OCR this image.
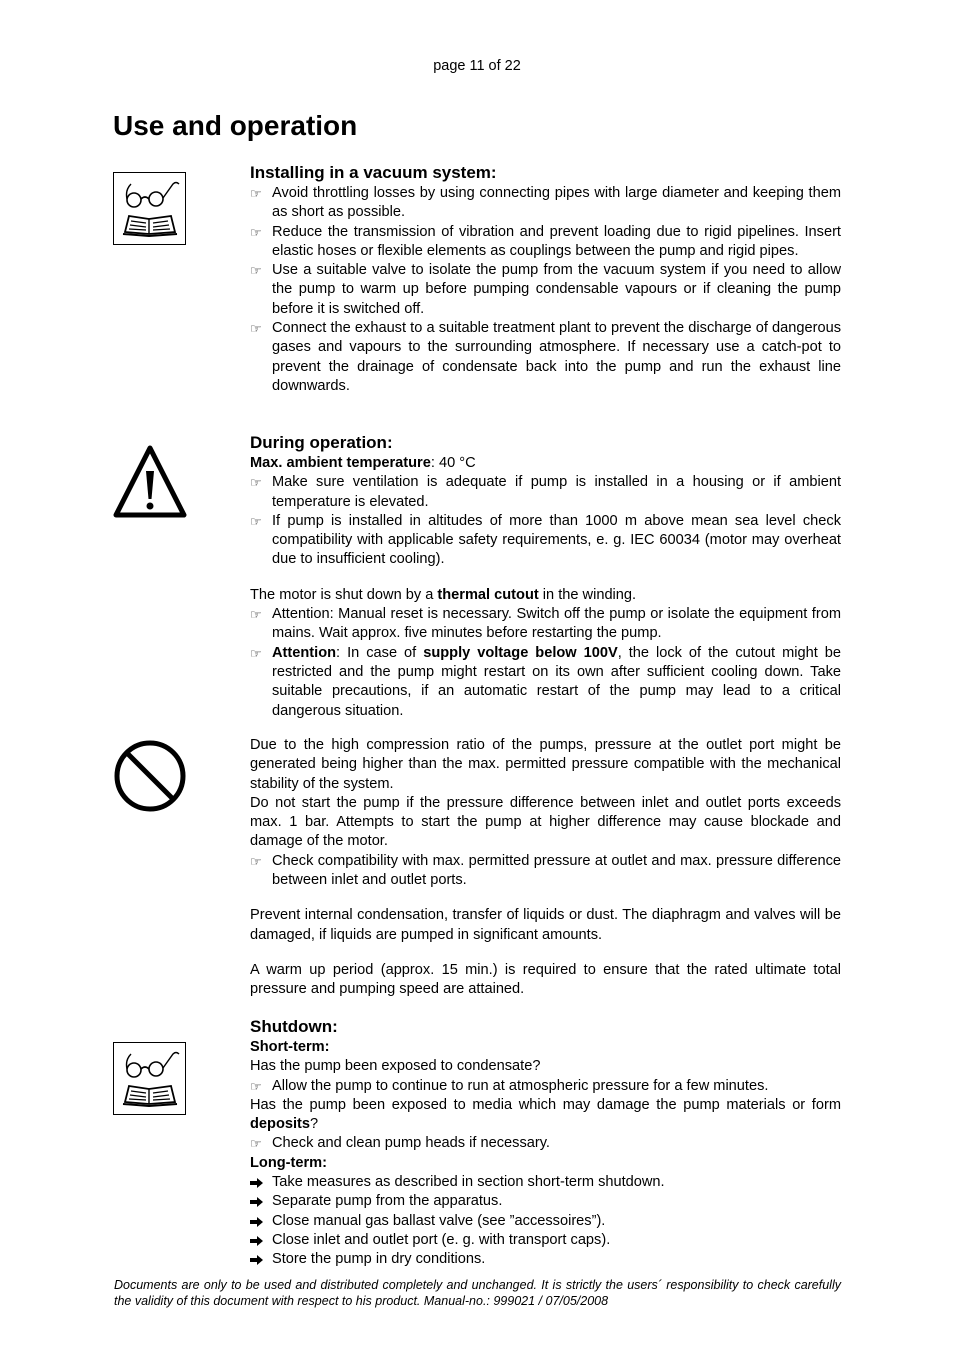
page 11 of 22
Use and operation
Installing in a vacuum system:
☞ Avoid throttling losses by using connecting pipes with large diameter and keeping them as short as possible.
☞ Reduce the transmission of vibration and prevent loading due to rigid pipelines. Insert elastic hoses or flexible elements as couplings between the pump and rigid pipes.
☞ Use a suitable valve to isolate the pump from the vacuum system if you need to allow the pump to warm up before pumping condensable vapours or if cleaning the pump before it is switched off.
☞ Connect the exhaust to a suitable treatment plant to prevent the discharge of dangerous gases and vapours to the surrounding atmosphere. If necessary use a catch-pot to prevent the drainage of condensate back into the pump and run the exhaust line downwards.
During operation:
Max. ambient temperature: 40 °C
☞ Make sure ventilation is adequate if pump is installed in a housing or if ambient temperature is elevated.
☞ If pump is installed in altitudes of more than 1000 m above mean sea level check compatibility with applicable safety requirements, e. g. IEC 60034 (motor may overheat due to insufficient cooling).
The motor is shut down by a thermal cutout in the winding.
☞ Attention: Manual reset is necessary. Switch off the pump or isolate the equipment from mains. Wait approx. five minutes before restarting the pump.
☞ Attention: In case of supply voltage below 100V, the lock of the cutout might be restricted and the pump might restart on its own after sufficient cooling down. Take suitable precautions, if an automatic restart of the pump may lead to a critical dangerous situation.
Due to the high compression ratio of the pumps, pressure at the outlet port might be generated being higher than the max. permitted pressure compatible with the mechanical stability of the system.
Do not start the pump if the pressure difference between inlet and outlet ports exceeds max. 1 bar. Attempts to start the pump at higher difference may cause blockade and damage of the motor.
☞ Check compatibility with max. permitted pressure at outlet and max. pressure difference between inlet and outlet ports.
Prevent internal condensation, transfer of liquids or dust. The diaphragm and valves will be damaged, if liquids are pumped in significant amounts.
A warm up period (approx. 15 min.) is required to ensure that the rated ultimate total pressure and pumping speed are attained.
Shutdown:
Short-term:
Has the pump been exposed to condensate?
☞ Allow the pump to continue to run at atmospheric pressure for a few minutes.
Has the pump been exposed to media which may damage the pump materials or form deposits?
☞ Check and clean pump heads if necessary.
Long-term:
Take measures as described in section short-term shutdown.
Separate pump from the apparatus.
Close manual gas ballast valve (see ”accessoires”).
Close inlet and outlet port (e. g. with transport caps).
Store the pump in dry conditions.
Documents are only to be used and distributed completely and unchanged. It is strictly the users´ responsibility to check carefully the validity of this document with respect to his product. Manual-no.: 999021 / 07/05/2008
